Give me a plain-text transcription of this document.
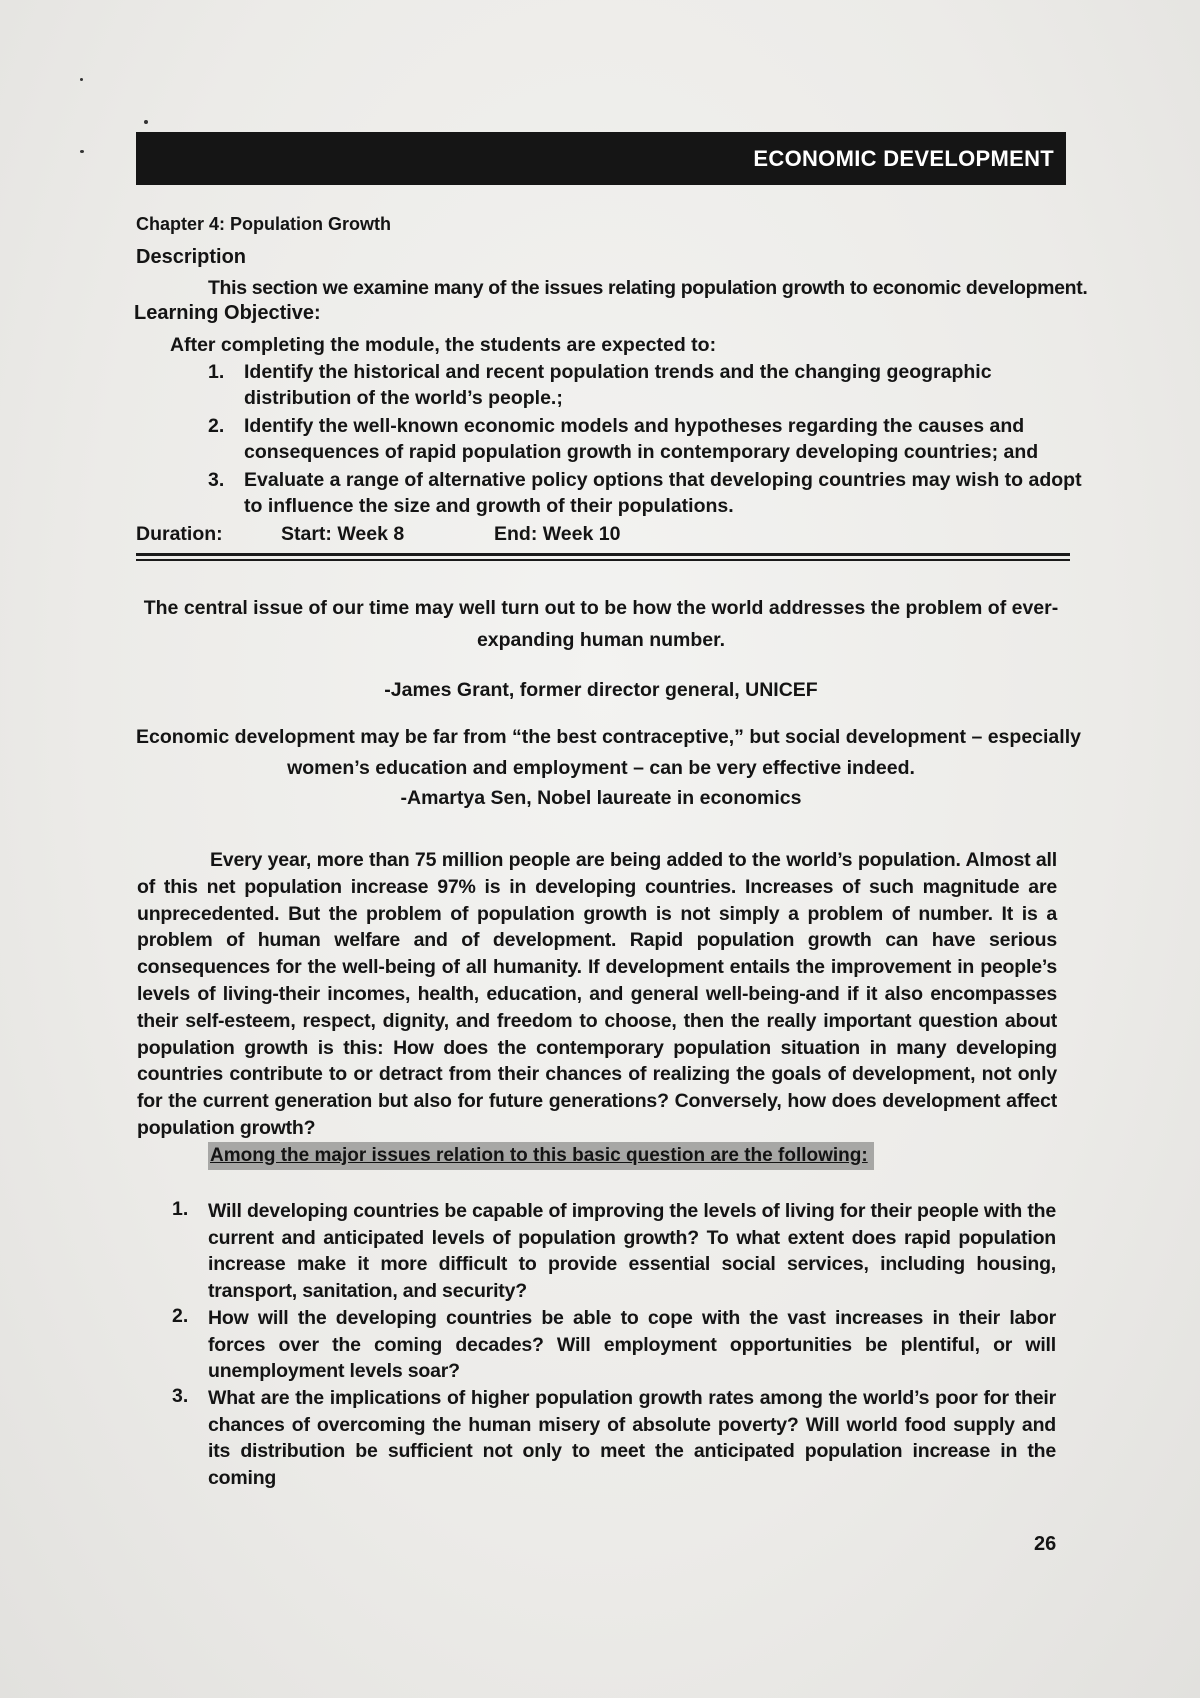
ECONOMIC DEVELOPMENT
Chapter 4: Population Growth
Description
This section we examine many of the issues relating population growth to economic development.
Learning Objective:
After completing the module, the students are expected to:
1. Identify the historical and recent population trends and the changing geographic
distribution of the world’s people.;
2. Identify the well-known economic models and hypotheses regarding the causes and
consequences of rapid population growth in contemporary developing countries; and
3. Evaluate a range of alternative policy options that developing countries may wish to adopt
to influence the size and growth of their populations.
Duration:	Start: Week 8	End: Week 10
The central issue of our time may well turn out to be how the world addresses the problem of ever-
expanding human number.
-James Grant, former director general, UNICEF
Economic development may be far from “the best contraceptive,” but social development – especially
women’s education and employment – can be very effective indeed.
-Amartya Sen, Nobel laureate in economics
Every year, more than 75 million people are being added to the world’s population. Almost all of this net population increase 97% is in developing countries. Increases of such magnitude are unprecedented. But the problem of population growth is not simply a problem of number. It is a problem of human welfare and of development. Rapid population growth can have serious consequences for the well-being of all humanity. If development entails the improvement in people’s levels of living-their incomes, health, education, and general well-being-and if it also encompasses their self-esteem, respect, dignity, and freedom to choose, then the really important question about population growth is this: How does the contemporary population situation in many developing countries contribute to or detract from their chances of realizing the goals of development, not only for the current generation but also for future generations? Conversely, how does development affect population growth?
Among the major issues relation to this basic question are the following:
1. Will developing countries be capable of improving the levels of living for their people with the current and anticipated levels of population growth? To what extent does rapid population increase make it more difficult to provide essential social services, including housing, transport, sanitation, and security?
2. How will the developing countries be able to cope with the vast increases in their labor forces over the coming decades? Will employment opportunities be plentiful, or will unemployment levels soar?
3. What are the implications of higher population growth rates among the world’s poor for their chances of overcoming the human misery of absolute poverty? Will world food supply and its distribution be sufficient not only to meet the anticipated population increase in the coming
26
